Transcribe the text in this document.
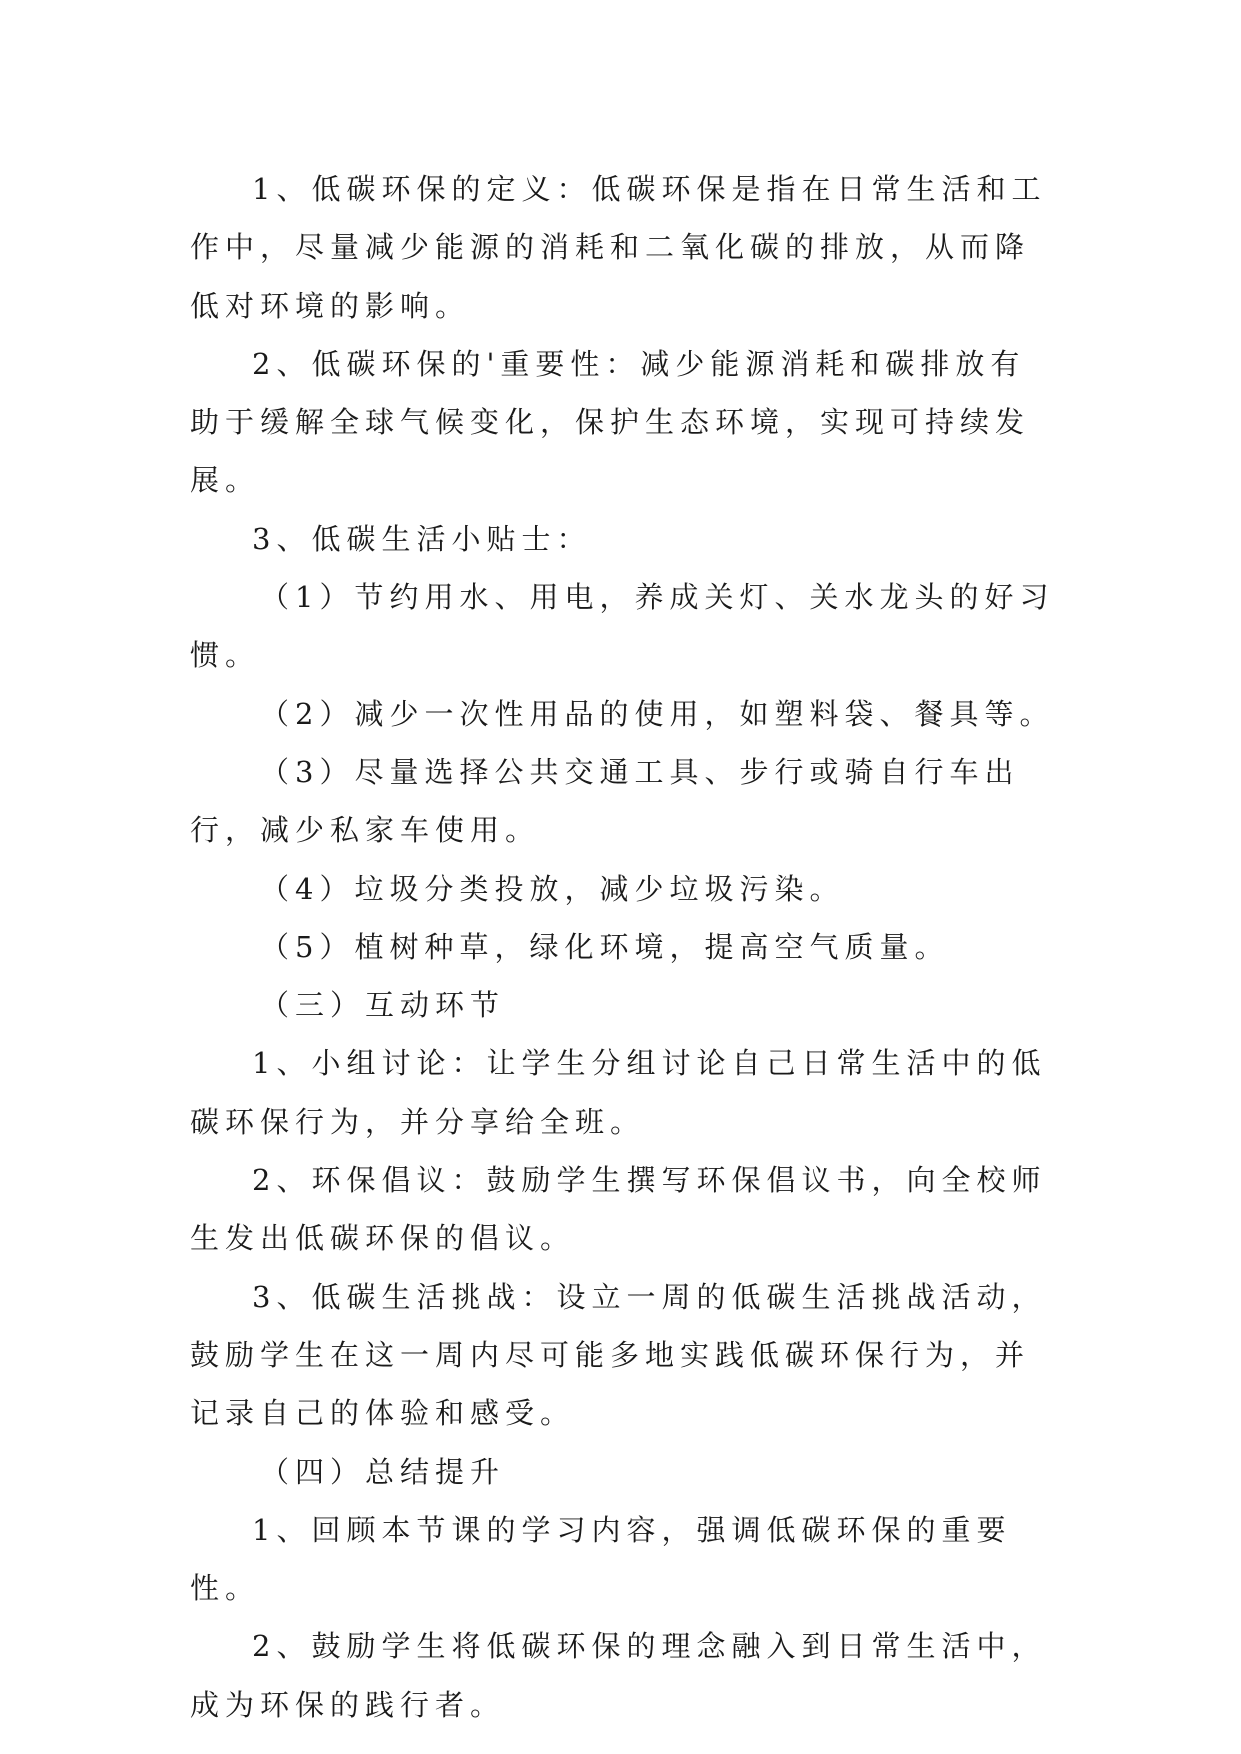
1、低碳环保的定义：低碳环保是指在日常生活和工作中，尽量减少能源的消耗和二氧化碳的排放，从而降低对环境的影响。

2、低碳环保的'重要性：减少能源消耗和碳排放有助于缓解全球气候变化，保护生态环境，实现可持续发展。

3、低碳生活小贴士：

（1）节约用水、用电，养成关灯、关水龙头的好习惯。

（2）减少一次性用品的使用，如塑料袋、餐具等。

（3）尽量选择公共交通工具、步行或骑自行车出行，减少私家车使用。

（4）垃圾分类投放，减少垃圾污染。

（5）植树种草，绿化环境，提高空气质量。

（三）互动环节

1、小组讨论：让学生分组讨论自己日常生活中的低碳环保行为，并分享给全班。

2、环保倡议：鼓励学生撰写环保倡议书，向全校师生发出低碳环保的倡议。

3、低碳生活挑战：设立一周的低碳生活挑战活动，鼓励学生在这一周内尽可能多地实践低碳环保行为，并记录自己的体验和感受。

（四）总结提升

1、回顾本节课的学习内容，强调低碳环保的重要性。

2、鼓励学生将低碳环保的理念融入到日常生活中，成为环保的践行者。
